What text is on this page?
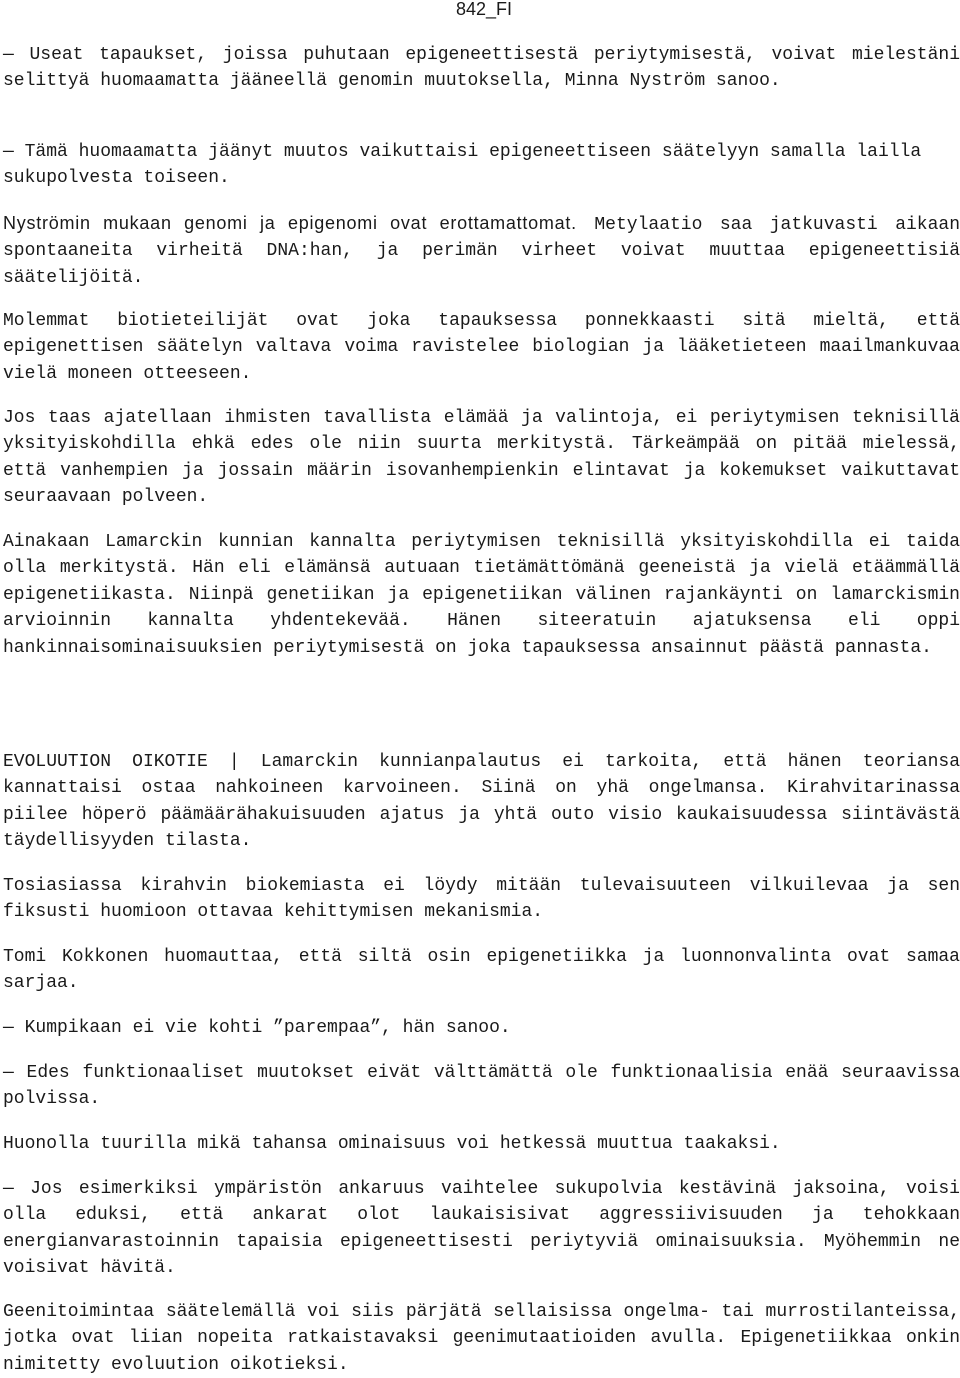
842_FI

— Useat tapaukset, joissa puhutaan epigeneettisestä periytymisestä, voivat mielestäni selittyä huomaamatta jääneellä genomin muutoksella, Minna Nyström sanoo.

— Tämä huomaamatta jäänyt muutos vaikuttaisi epigeneettiseen säätelyyn samalla lailla sukupolvesta toiseen.

Nyströmin mukaan genomi ja epigenomi ovat erottamattomat. Metylaatio saa jatkuvasti aikaan spontaaneita virheitä DNA:han, ja perimän virheet voivat muuttaa epigeneettisiä säätelijöitä.

Molemmat biotieteilijät ovat joka tapauksessa ponnekkaasti sitä mieltä, että epigenettisen säätelyn valtava voima ravistelee biologian ja lääketieteen maailmankuvaa vielä moneen otteeseen.

Jos taas ajatellaan ihmisten tavallista elämää ja valintoja, ei periytymisen teknisillä yksityiskohdilla ehkä edes ole niin suurta merkitystä. Tärkeämpää on pitää mielessä, että vanhempien ja jossain määrin isovanhempienkin elintavat ja kokemukset vaikuttavat seuraavaan polveen.

Ainakaan Lamarckin kunnian kannalta periytymisen teknisillä yksityiskohdilla ei taida olla merkitystä. Hän eli elämänsä autuaan tietämättömänä geeneistä ja vielä etäämmällä epigenetiikasta. Niinpä genetiikan ja epigenetiikan välinen rajankäynti on lamarckismin arvioinnin kannalta yhdentekevää. Hänen siteeratuin ajatuksensa eli oppi hankinnaisominaisuuksien periytymisestä on joka tapauksessa ansainnut päästä pannasta.

EVOLUUTION OIKOTIE | Lamarckin kunnianpalautus ei tarkoita, että hänen teoriansa kannattaisi ostaa nahkoineen karvoineen. Siinä on yhä ongelmansa. Kirahvitarinassa piilee höperö päämäärähakuisuuden ajatus ja yhtä outo visio kaukaisuudessa siintävästä täydellisyyden tilasta.

Tosiasiassa kirahvin biokemiasta ei löydy mitään tulevaisuuteen vilkuilevaa ja sen fiksusti huomioon ottavaa kehittymisen mekanismia.

Tomi Kokkonen huomauttaa, että siltä osin epigenetiikka ja luonnonvalinta ovat samaa sarjaa.

— Kumpikaan ei vie kohti ”parempaa”, hän sanoo.

— Edes funktionaaliset muutokset eivät välttämättä ole funktionaalisia enää seuraavissa polvissa.

Huonolla tuurilla mikä tahansa ominaisuus voi hetkessä muuttua taakaksi.

— Jos esimerkiksi ympäristön ankaruus vaihtelee sukupolvia kestävinä jaksoina, voisi olla eduksi, että ankarat olot laukaisisivat aggressiivisuuden ja tehokkaan energianvarastoinnin tapaisia epigeneettisesti periytyviä ominaisuuksia. Myöhemmin ne voisivat hävitä.

Geenitoimintaa säätelemällä voi siis pärjätä sellaisissa ongelma- tai murrostilanteissa, jotka ovat liian nopeita ratkaistavaksi geenimutaatioiden avulla. Epigenetiikkaa onkin nimitetty evoluution oikotieksi.
